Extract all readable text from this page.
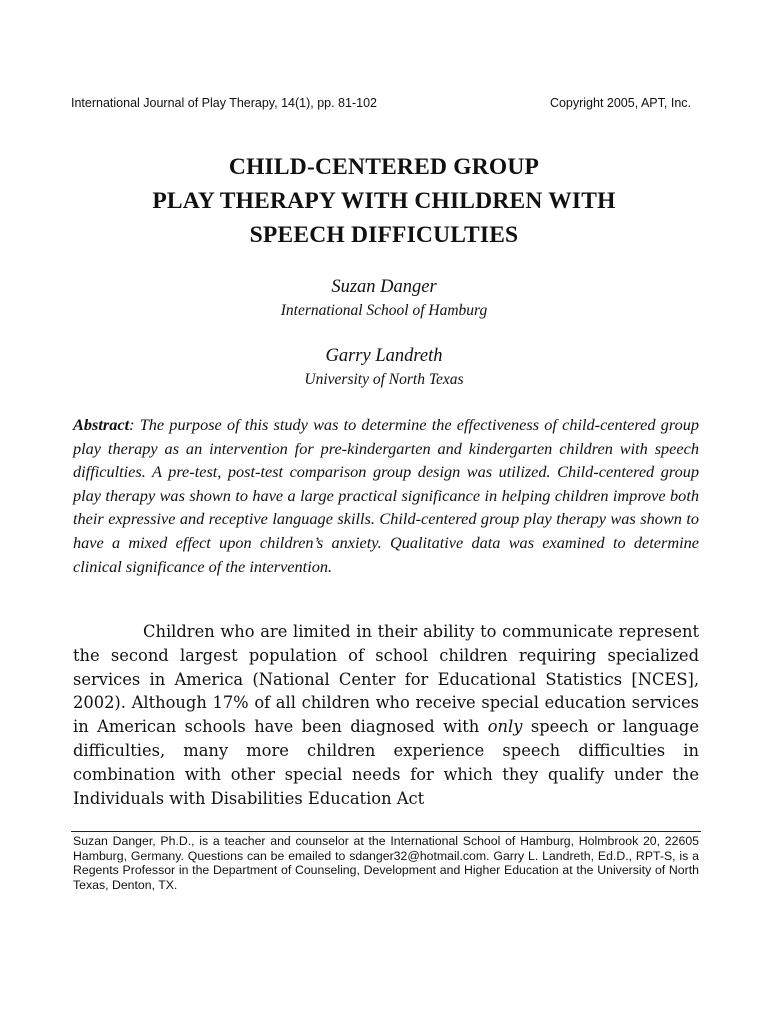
International Journal of Play Therapy, 14(1), pp. 81-102	Copyright 2005, APT, Inc.
CHILD-CENTERED GROUP
PLAY THERAPY WITH CHILDREN WITH
SPEECH DIFFICULTIES
Suzan Danger
International School of Hamburg
Garry Landreth
University of North Texas
Abstract: The purpose of this study was to determine the effectiveness of child-centered group play therapy as an intervention for pre-kindergarten and kindergarten children with speech difficulties. A pre-test, post-test comparison group design was utilized. Child-centered group play therapy was shown to have a large practical significance in helping children improve both their expressive and receptive language skills. Child-centered group play therapy was shown to have a mixed effect upon children’s anxiety. Qualitative data was examined to determine clinical significance of the intervention.

Children who are limited in their ability to communicate represent the second largest population of school children requiring specialized services in America (National Center for Educational Statistics [NCES], 2002). Although 17% of all children who receive special education services in American schools have been diagnosed with only speech or language difficulties, many more children experience speech difficulties in combination with other special needs for which they qualify under the Individuals with Disabilities Education Act

Suzan Danger, Ph.D., is a teacher and counselor at the International School of Hamburg, Holmbrook 20, 22605 Hamburg, Germany. Questions can be emailed to sdanger32@hotmail.com. Garry L. Landreth, Ed.D., RPT-S, is a Regents Professor in the Department of Counseling, Development and Higher Education at the University of North Texas, Denton, TX.
